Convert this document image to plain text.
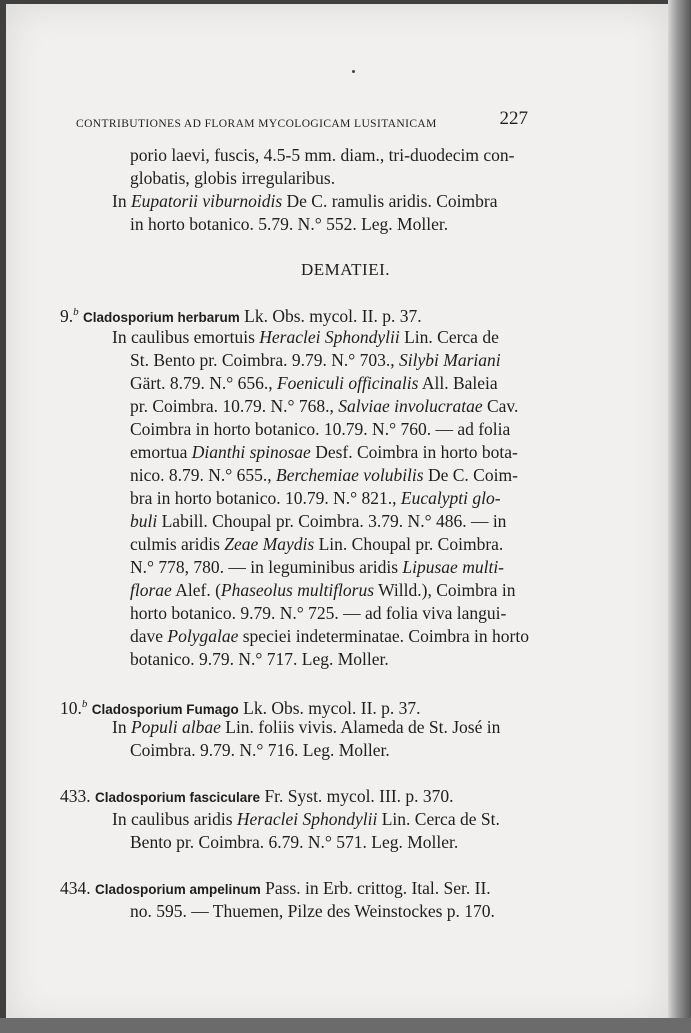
CONTRIBUTIONES AD FLORAM MYCOLOGICAM LUSITANICAM	227
porio laevi, fuscis, 4.5-5 mm. diam., tri-duodecim con-
globatis, globis irregularibus.
In Eupatorii viburnoidis De C. ramulis aridis. Coimbra
in horto botanico. 5.79. N.° 552. Leg. Moller.
DEMATIEI.
9.$^b$ Cladosporium herbarum Lk. Obs. mycol. II. p. 37.
In caulibus emortuis Heraclei Sphondylii Lin. Cerca de
St. Bento pr. Coimbra. 9.79. N.° 703., Silybi Mariani
Gärt. 8.79. N.° 656., Foeniculi officinalis All. Baleia
pr. Coimbra. 10.79. N.° 768., Salviae involucratae Cav.
Coimbra in horto botanico. 10.79. N.° 760. — ad folia
emortua Dianthi spinosae Desf. Coimbra in horto bota-
nico. 8.79. N.° 655., Berchemiae volubilis De C. Coim-
bra in horto botanico. 10.79. N.° 821., Eucalypti glo-
buli Labill. Choupal pr. Coimbra. 3.79. N.° 486. — in
culmis aridis Zeae Maydis Lin. Choupal pr. Coimbra.
N.° 778, 780. — in leguminibus aridis Lipusae multi-
florae Alef. (Phaseolus multiflorus Willd.), Coimbra in
horto botanico. 9.79. N.° 725. — ad folia viva langui-
dave Polygalae speciei indeterminatae. Coimbra in horto
botanico. 9.79. N.° 717. Leg. Moller.
10.$^b$ Cladosporium Fumago Lk. Obs. mycol. II. p. 37.
In Populi albae Lin. foliis vivis. Alameda de St. José in
Coimbra. 9.79. N.° 716. Leg. Moller.
433. Cladosporium fasciculare Fr. Syst. mycol. III. p. 370.
In caulibus aridis Heraclei Sphondylii Lin. Cerca de St.
Bento pr. Coimbra. 6.79. N.° 571. Leg. Moller.
434. Cladosporium ampelinum Pass. in Erb. crittog. Ital. Ser. II.
no. 595. — Thuemen, Pilze des Weinstockes p. 170.
